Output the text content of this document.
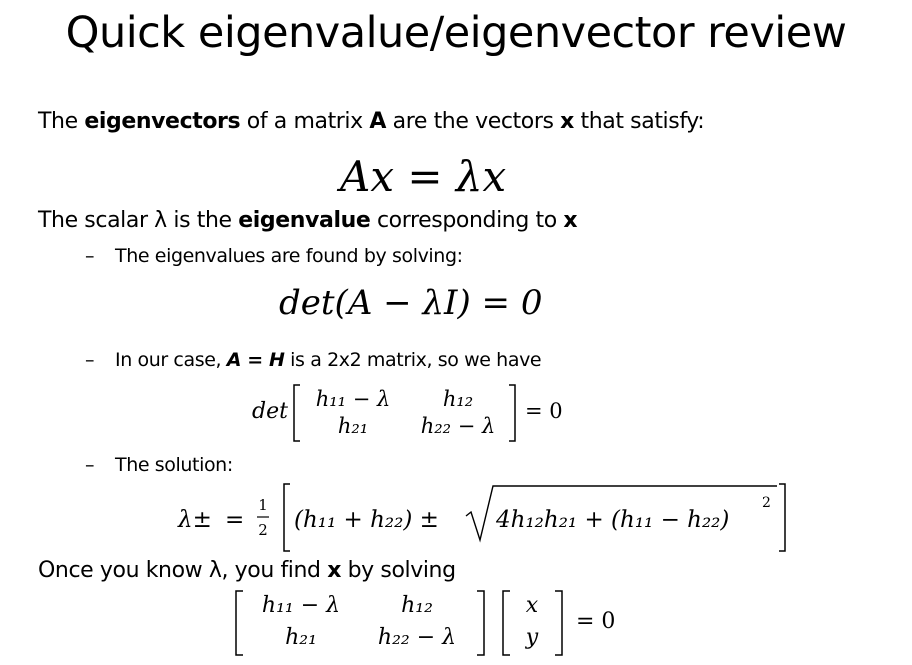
Quick eigenvalue/eigenvector review
The eigenvectors of a matrix A are the vectors x that satisfy:
Ax = λx
The scalar λ is the eigenvalue corresponding to x
– The eigenvalues are found by solving:
det(A − λI) = 0
– In our case, A = H is a 2x2 matrix, so we have
det h₁₁ − λ	h₁₂
h₂₁	h₂₂ − λ
= 0
– The solution:
λ± =
1
2 (h₁₁ + h₂₂) ± 4h₁₂h₂₁ + (h₁₁ − h₂₂)
2
Once you know λ, you find x by solving
h₁₁ − λ	h₁₂
h₂₁	h₂₂ − λ
x
y
= 0
